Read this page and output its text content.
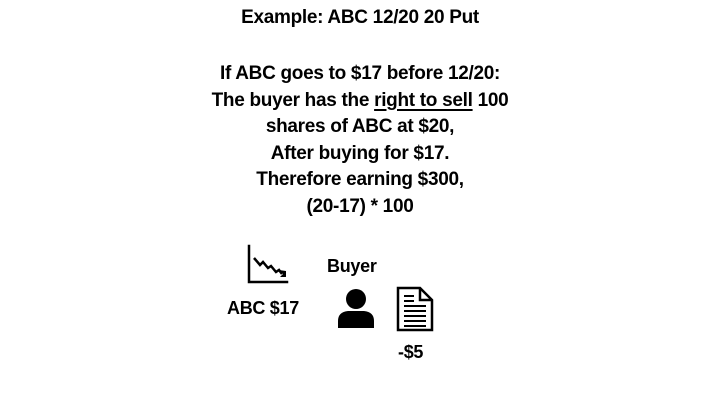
Example: ABC 12/20 20 Put
If ABC goes to $17 before 12/20:
The buyer has the right to sell 100
shares of ABC at $20,
After buying for $17.
Therefore earning $300,
(20-17) * 100
ABC $17
Buyer
-$5
